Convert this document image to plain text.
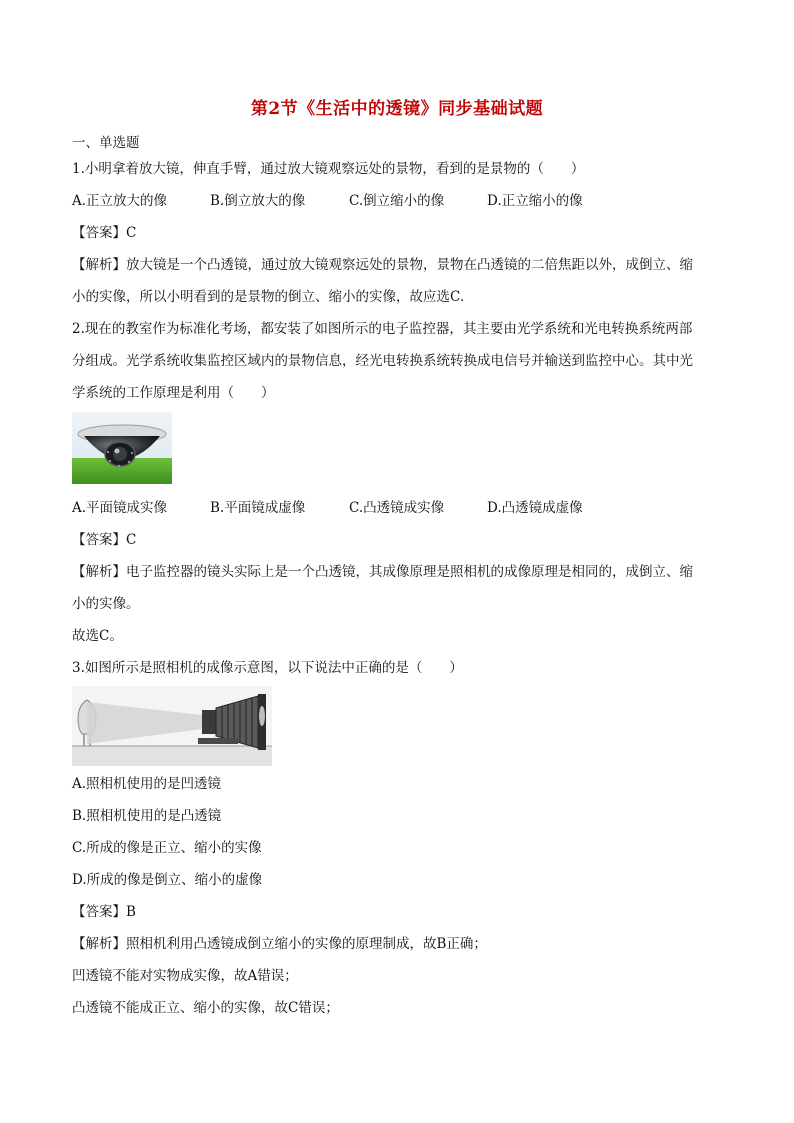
第2节《生活中的透镜》同步基础试题
一、单选题
1.小明拿着放大镜，伸直手臂，通过放大镜观察远处的景物，看到的是景物的（　　）
A.正立放大的像	B.倒立放大的像	C.倒立缩小的像	D.正立缩小的像
【答案】C
【解析】放大镜是一个凸透镜，通过放大镜观察远处的景物，景物在凸透镜的二倍焦距以外，成倒立、缩
小的实像，所以小明看到的是景物的倒立、缩小的实像，故应选C.
2.现在的教室作为标准化考场，都安装了如图所示的电子监控器，其主要由光学系统和光电转换系统两部
分组成。光学系统收集监控区域内的景物信息，经光电转换系统转换成电信号并输送到监控中心。其中光
学系统的工作原理是利用（　　）
A.平面镜成实像	B.平面镜成虚像	C.凸透镜成实像	D.凸透镜成虚像
【答案】C
【解析】电子监控器的镜头实际上是一个凸透镜，其成像原理是照相机的成像原理是相同的，成倒立、缩
小的实像。
故选C。
3.如图所示是照相机的成像示意图，以下说法中正确的是（　　）
A.照相机使用的是凹透镜
B.照相机使用的是凸透镜
C.所成的像是正立、缩小的实像
D.所成的像是倒立、缩小的虚像
【答案】B
【解析】照相机利用凸透镜成倒立缩小的实像的原理制成，故B正确；
凹透镜不能对实物成实像，故A错误；
凸透镜不能成正立、缩小的实像，故C错误；
